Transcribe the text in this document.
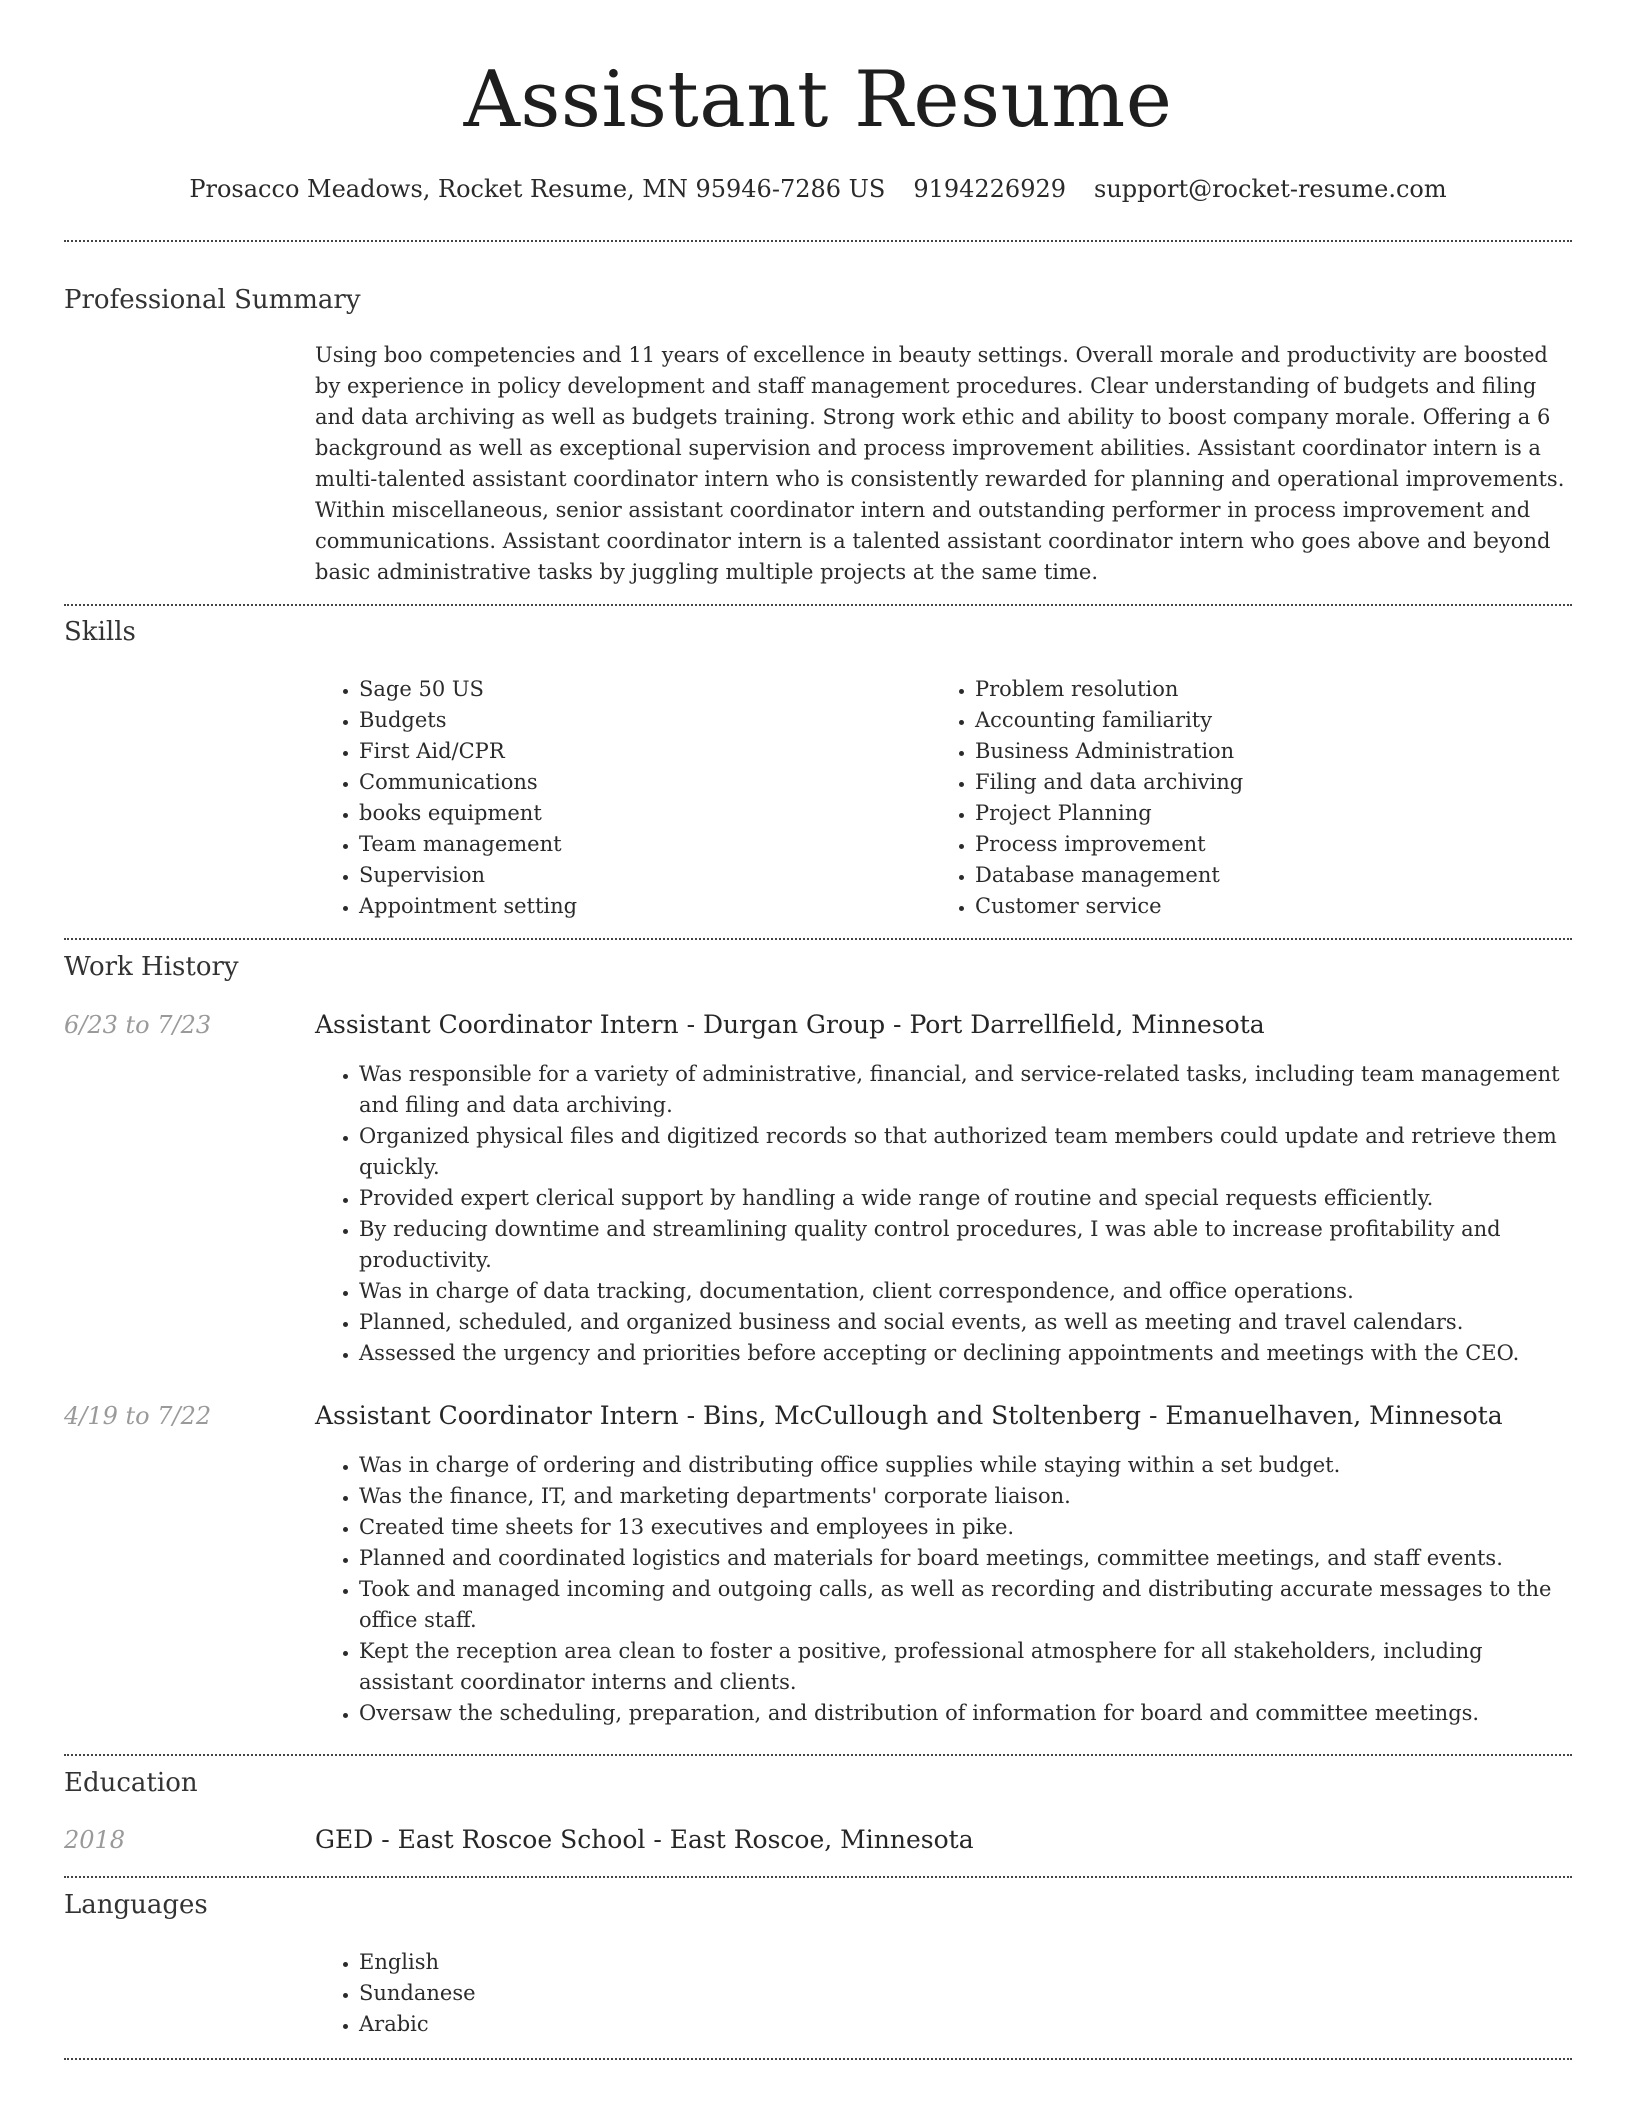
Assistant Resume
Prosacco Meadows, Rocket Resume, MN 95946-7286 US 9194226929 support@rocket-resume.com
Professional Summary

Using boo competencies and 11 years of excellence in beauty settings. Overall morale and productivity are boosted by experience in policy development and staff management procedures. Clear understanding of budgets and filing and data archiving as well as budgets training. Strong work ethic and ability to boost company morale. Offering a 6 background as well as exceptional supervision and process improvement abilities. Assistant coordinator intern is a multi-talented assistant coordinator intern who is consistently rewarded for planning and operational improvements. Within miscellaneous, senior assistant coordinator intern and outstanding performer in process improvement and communications. Assistant coordinator intern is a talented assistant coordinator intern who goes above and beyond basic administrative tasks by juggling multiple projects at the same time.

Skills
• Sage 50 US
• Budgets
• First Aid/CPR
• Communications
• books equipment
• Team management
• Supervision
• Appointment setting
• Problem resolution
• Accounting familiarity
• Business Administration
• Filing and data archiving
• Project Planning
• Process improvement
• Database management
• Customer service
Work History
6/23 to 7/23	Assistant Coordinator Intern - Durgan Group - Port Darrellfield, Minnesota
• Was responsible for a variety of administrative, financial, and service-related tasks, including team management and filing and data archiving.
• Organized physical files and digitized records so that authorized team members could update and retrieve them quickly.
• Provided expert clerical support by handling a wide range of routine and special requests efficiently.
• By reducing downtime and streamlining quality control procedures, I was able to increase profitability and productivity.
• Was in charge of data tracking, documentation, client correspondence, and office operations.
• Planned, scheduled, and organized business and social events, as well as meeting and travel calendars.
• Assessed the urgency and priorities before accepting or declining appointments and meetings with the CEO.
4/19 to 7/22	Assistant Coordinator Intern - Bins, McCullough and Stoltenberg - Emanuelhaven, Minnesota
• Was in charge of ordering and distributing office supplies while staying within a set budget.
• Was the finance, IT, and marketing departments' corporate liaison.
• Created time sheets for 13 executives and employees in pike.
• Planned and coordinated logistics and materials for board meetings, committee meetings, and staff events.
• Took and managed incoming and outgoing calls, as well as recording and distributing accurate messages to the office staff.
• Kept the reception area clean to foster a positive, professional atmosphere for all stakeholders, including assistant coordinator interns and clients.
• Oversaw the scheduling, preparation, and distribution of information for board and committee meetings.
Education
2018	GED - East Roscoe School - East Roscoe, Minnesota
Languages
• English
• Sundanese
• Arabic
